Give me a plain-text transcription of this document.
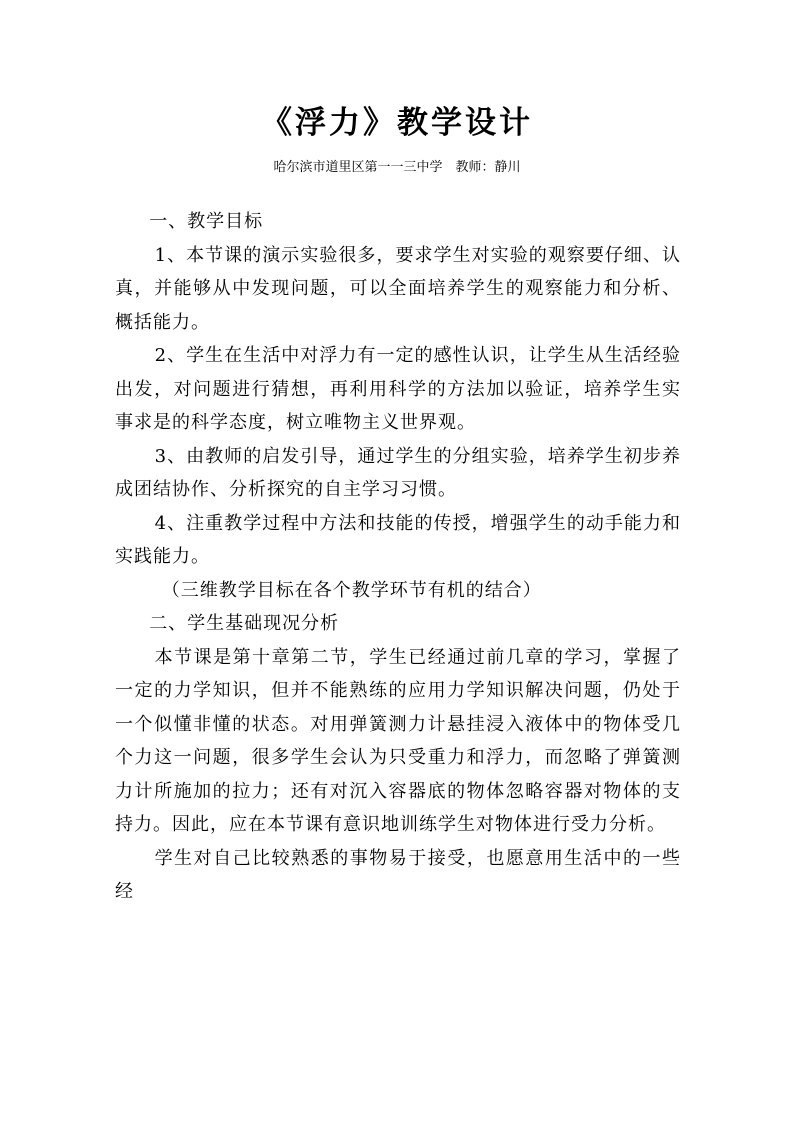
《浮力》教学设计
哈尔滨市道里区第一一三中学　教师：静川

一、教学目标

1、本节课的演示实验很多，要求学生对实验的观察要仔细、认真，并能够从中发现问题，可以全面培养学生的观察能力和分析、概括能力。

2、学生在生活中对浮力有一定的感性认识，让学生从生活经验出发，对问题进行猜想，再利用科学的方法加以验证，培养学生实事求是的科学态度，树立唯物主义世界观。

3、由教师的启发引导，通过学生的分组实验，培养学生初步养成团结协作、分析探究的自主学习习惯。

4、注重教学过程中方法和技能的传授，增强学生的动手能力和实践能力。

（三维教学目标在各个教学环节有机的结合）

二、学生基础现况分析

本节课是第十章第二节，学生已经通过前几章的学习，掌握了一定的力学知识，但并不能熟练的应用力学知识解决问题，仍处于一个似懂非懂的状态。对用弹簧测力计悬挂浸入液体中的物体受几个力这一问题，很多学生会认为只受重力和浮力，而忽略了弹簧测力计所施加的拉力；还有对沉入容器底的物体忽略容器对物体的支持力。因此，应在本节课有意识地训练学生对物体进行受力分析。

学生对自己比较熟悉的事物易于接受，也愿意用生活中的一些经
